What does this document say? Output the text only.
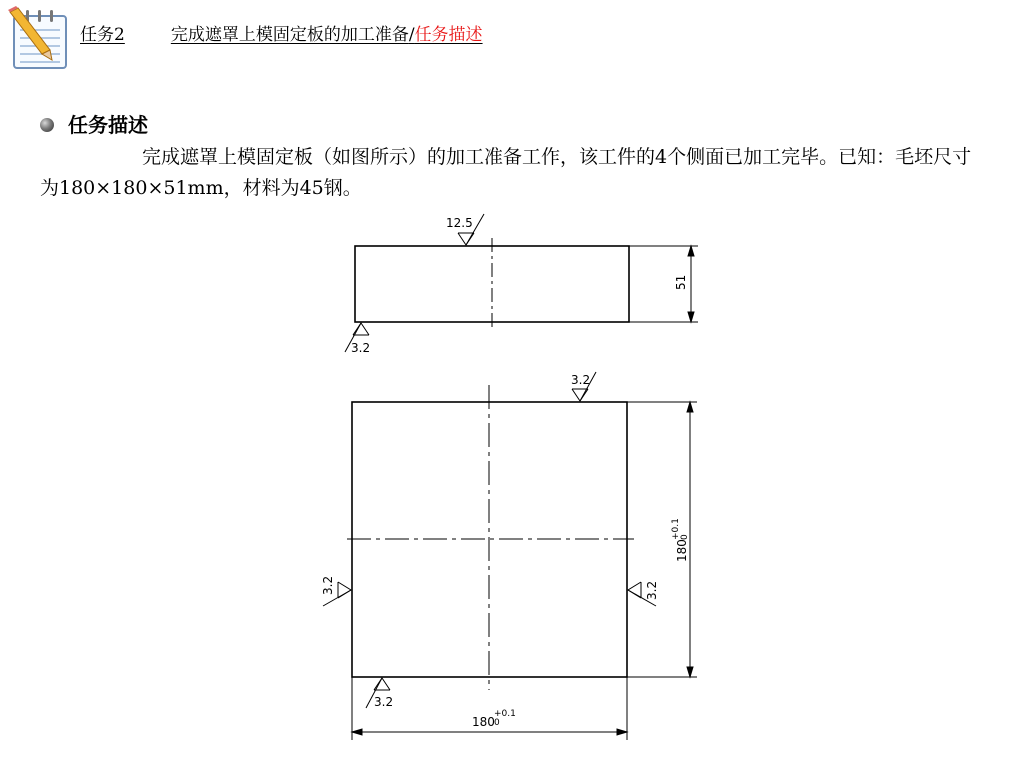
任务2	完成遮罩上模固定板的加工准备/任务描述
任务描述
完成遮罩上模固定板（如图所示）的加工准备工作，该工件的4个侧面已加工完毕。已知：毛坯尺寸为180×180×51mm，材料为45钢。
12.5
3.2
51
3.2
3.2	3.2
3.2
180
+0.1 0
180
+0.1
0
